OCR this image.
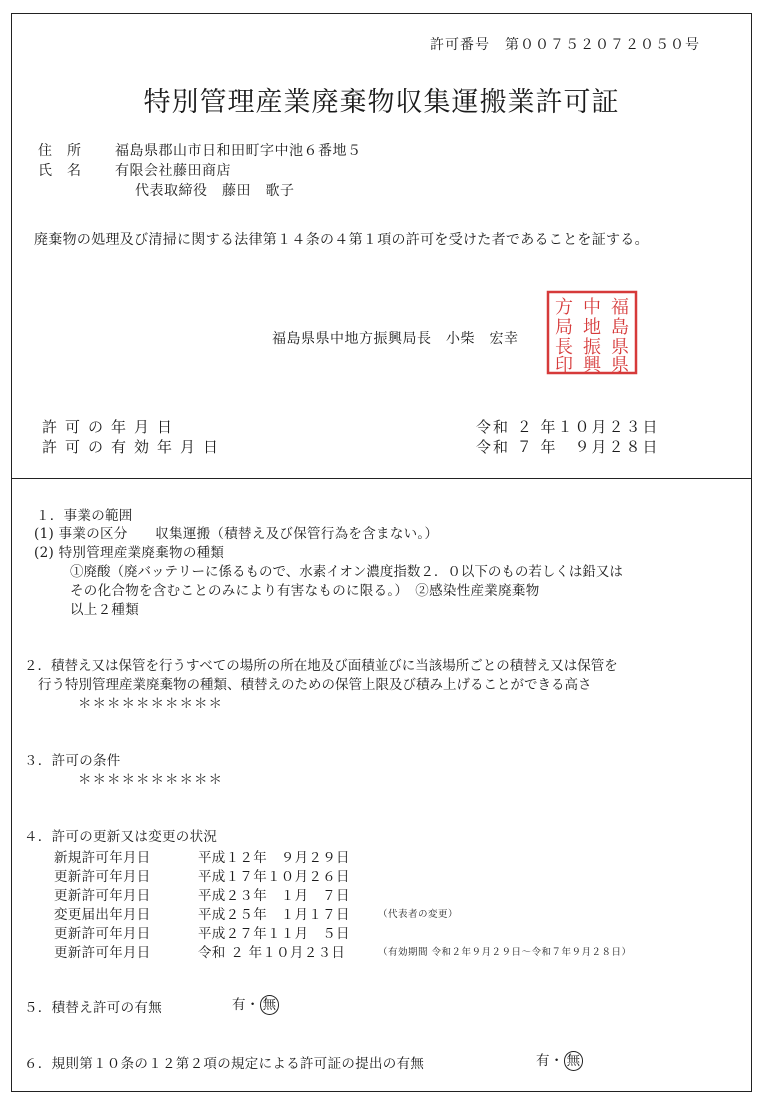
許可番号　第００７５２０７２０５０号
特別管理産業廃棄物収集運搬業許可証
住　所 福島県郡山市日和田町字中池６番地５
氏　名 有限会社藤田商店
代表取締役　藤田　歌子
廃棄物の処理及び清掃に関する法律第１４条の４第１項の許可を受けた者であることを証する。
福島県県中地方振興局長　小柴　宏幸
福
島
県
県
中
地
振
興
方
局
長
印
許可の年月日	令和 ２ 年１０月２３日
許可の有効年月日	令和 ７ 年　９月２８日
１．事業の範囲
(1) 事業の区分　　収集運搬（積替え及び保管行為を含まない。）
(2) 特別管理産業廃棄物の種類
①廃酸（廃バッテリーに係るもので、水素イオン濃度指数２．０以下のもの若しくは鉛又は
その化合物を含むことのみにより有害なものに限る。）　②感染性産業廃棄物
以上２種類
２．積替え又は保管を行うすべての場所の所在地及び面積並びに当該場所ごとの積替え又は保管を
行う特別管理産業廃棄物の種類、積替えのための保管上限及び積み上げることができる高さ
＊＊＊＊＊＊＊＊＊＊
３．許可の条件
＊＊＊＊＊＊＊＊＊＊
４．許可の更新又は変更の状況
新規許可年月日	平成１２年　９月２９日
更新許可年月日	平成１７年１０月２６日
更新許可年月日	平成２３年　１月　７日
変更届出年月日	平成２５年　１月１７日	（代表者の変更）
更新許可年月日	平成２７年１１月　５日
更新許可年月日	令和 ２ 年１０月２３日	（有効期間 令和２年９月２９日～令和７年９月２８日）
５．積替え許可の有無	有・ 無
６．規則第１０条の１２第２項の規定による許可証の提出の有無	有・ 無
